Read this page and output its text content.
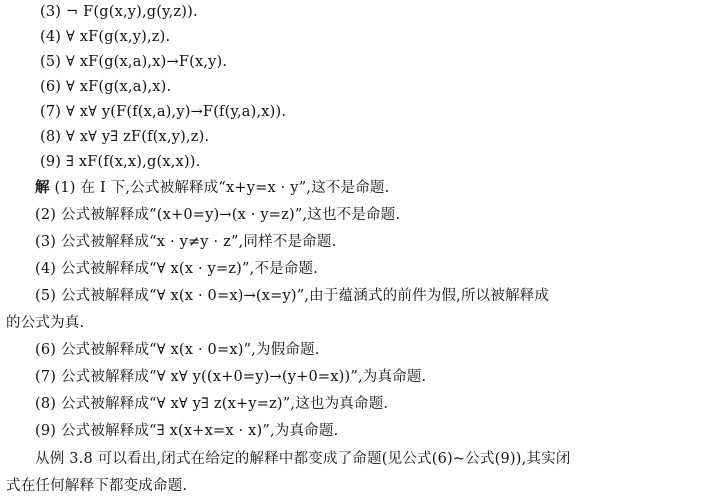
(3) ¬ F(g(x,y),g(y,z)).
(4) ∀ xF(g(x,y),z).
(5) ∀ xF(g(x,a),x)→F(x,y).
(6) ∀ xF(g(x,a),x).
(7) ∀ x∀ y(F(f(x,a),y)→F(f(y,a),x)).
(8) ∀ x∀ y∃ zF(f(x,y),z).
(9) ∃ xF(f(x,x),g(x,x)).
解 (1) 在 I 下,公式被解释成“x+y=x · y”,这不是命题.
(2) 公式被解释成“(x+0=y)→(x · y=z)”,这也不是命题.
(3) 公式被解释成“x · y≠y · z”,同样不是命题.
(4) 公式被解释成“∀ x(x · y=z)”,不是命题.
(5) 公式被解释成“∀ x(x · 0=x)→(x=y)”,由于蕴涵式的前件为假,所以被解释成
的公式为真.
(6) 公式被解释成“∀ x(x · 0=x)”,为假命题.
(7) 公式被解释成“∀ x∀ y((x+0=y)→(y+0=x))”,为真命题.
(8) 公式被解释成“∀ x∀ y∃ z(x+y=z)”,这也为真命题.
(9) 公式被解释成“∃ x(x+x=x · x)”,为真命题.
从例 3.8 可以看出,闭式在给定的解释中都变成了命题(见公式(6)~公式(9)),其实闭
式在任何解释下都变成命题.
